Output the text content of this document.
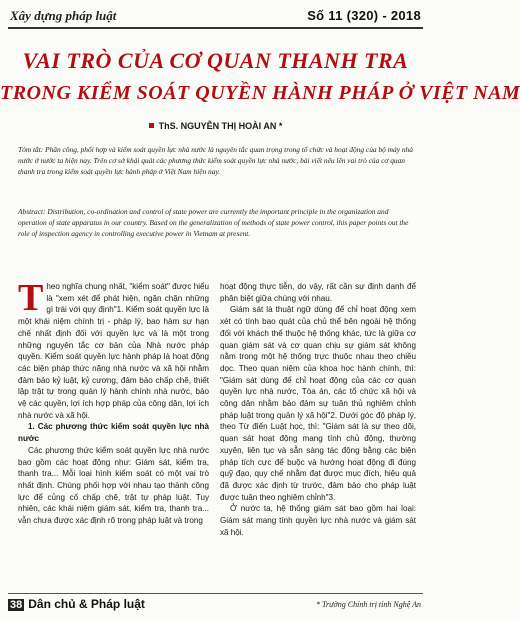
Xây dựng pháp luật	Số 11 (320) - 2018
VAI TRÒ CỦA CƠ QUAN THANH TRA
TRONG KIỂM SOÁT QUYỀN HÀNH PHÁP Ở VIỆT NAM
ThS. NGUYỄN THỊ HOÀI AN *
Tóm tắt: Phân công, phối hợp và kiểm soát quyền lực nhà nước là nguyên tắc quan trọng trong tổ chức và hoạt động của bộ máy nhà nước ở nước ta hiện nay. Trên cơ sở khái quát các phương thức kiểm soát quyền lực nhà nước, bài viết nêu lên vai trò của cơ quan thanh tra trong kiểm soát quyền lực hành pháp ở Việt Nam hiện nay.
Abstract: Distribution, co-ordination and control of state power are currently the important principle in the organization and operation of state apparatus in our country. Based on the generalization of methods of state power control, this paper points out the role of inspection agency in controlling executive power in Vietnam at present.

Theo nghĩa chung nhất, "kiểm soát" được hiểu là "xem xét để phát hiện, ngăn chặn những gì trái với quy định"1. Kiểm soát quyền lực là một khái niệm chính trị - pháp lý, bao hàm sự hạn chế nhất định đối với quyền lực và là một trong những nguyên tắc cơ bản của Nhà nước pháp quyền. Kiểm soát quyền lực hành pháp là hoạt động các biện pháp thức năng nhà nước và xã hội nhằm đảm bảo kỷ luật, kỷ cương, đảm bảo chấp chẽ, thiết lập trật tự trong quản lý hành chính nhà nước, bảo vệ các quyền, lợi ích hợp pháp của công dân, lợi ích nhà nước và xã hội.

1. Các phương thức kiểm soát quyền lực nhà nước

Các phương thức kiểm soát quyền lực nhà nước bao gồm các hoạt động như: Giám sát, kiểm tra, thanh tra... Mỗi loại hình kiểm soát có một vai trò nhất định. Chúng phối hợp với nhau tạo thành công lực để củng cố chấp chẽ, trật tự pháp luật. Tuy nhiên, các khái niệm giám sát, kiểm tra, thanh tra... vẫn chưa được xác định rõ trong pháp luật và trong

hoạt động thực tiễn, do vậy, rất cần sự định danh để phân biệt giữa chúng với nhau.

Giám sát là thuật ngữ dùng để chỉ hoạt động xem xét có tính bao quát của chủ thể bên ngoài hệ thống đối với khách thể thuộc hệ thống khác, tức là giữa cơ quan giám sát và cơ quan chịu sự giám sát không nằm trong một hệ thống trực thuộc nhau theo chiều dọc. Theo quan niệm của khoa học hành chính, thì: "Giám sát dùng để chỉ hoạt động của các cơ quan quyền lực nhà nước, Tòa án, các tổ chức xã hội và công dân nhằm bảo đảm sự tuân thủ nghiêm chỉnh pháp luật trong quản lý xã hội"2. Dưới góc độ pháp lý, theo Từ điển Luật học, thì: "Giám sát là sự theo dõi, quan sát hoạt động mang tính chủ động, thường xuyên, liên tục và sẵn sàng tác động bằng các biện pháp tích cực để buộc và hướng hoạt động đi đúng quỹ đạo, quy chế nhằm đạt được mục đích, hiệu quả đã được xác định từ trước, đảm bảo cho pháp luật được tuân theo nghiêm chỉnh"3.

Ở nước ta, hệ thống giám sát bao gồm hai loại: Giám sát mang tính quyền lực nhà nước và giám sát xã hội.

38 Dân chủ & Pháp luật	* Trường Chính trị tỉnh Nghệ An
